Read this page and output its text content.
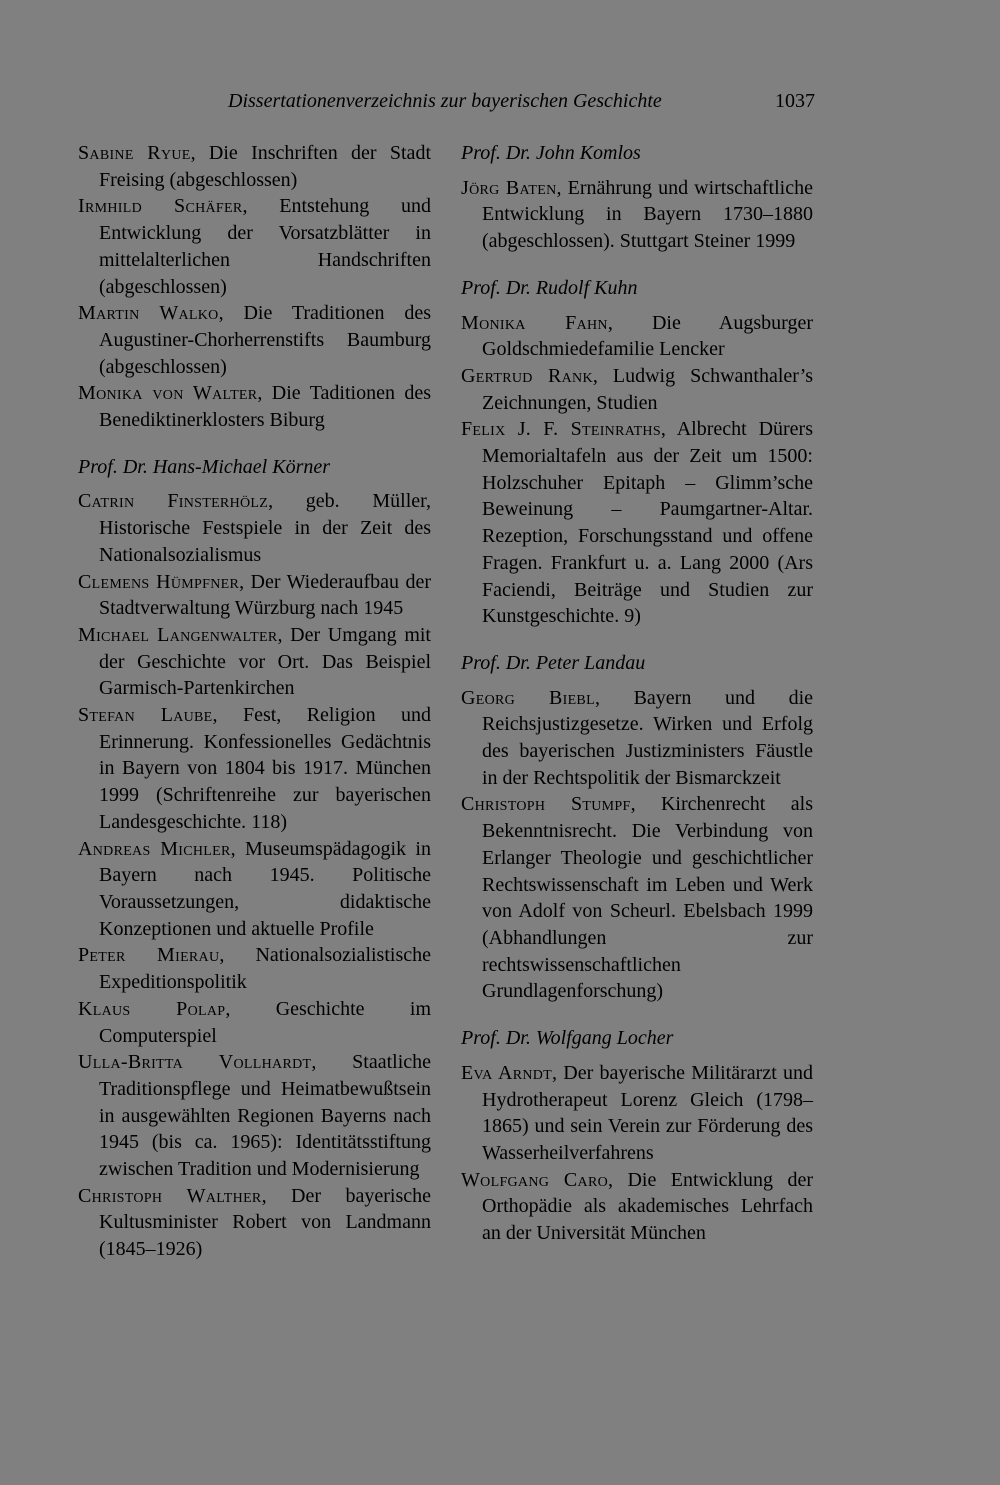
Dissertationenverzeichnis zur bayerischen Geschichte	1037

Sabine Ryue, Die Inschriften der Stadt Freising (abgeschlossen)

Irmhild Schäfer, Entstehung und Entwicklung der Vorsatzblätter in mittelalterlichen Handschriften (abgeschlossen)

Martin Walko, Die Traditionen des Augustiner-Chorherrenstifts Baumburg (abgeschlossen)

Monika von Walter, Die Taditionen des Benediktinerklosters Biburg

Prof. Dr. Hans-Michael Körner

Catrin Finsterhölz, geb. Müller, Historische Festspiele in der Zeit des Nationalsozialismus

Clemens Hümpfner, Der Wiederaufbau der Stadtverwaltung Würzburg nach 1945

Michael Langenwalter, Der Umgang mit der Geschichte vor Ort. Das Beispiel Garmisch-Partenkirchen

Stefan Laube, Fest, Religion und Erinnerung. Konfessionelles Gedächtnis in Bayern von 1804 bis 1917. München 1999 (Schriftenreihe zur bayerischen Landesgeschichte. 118)

Andreas Michler, Museumspädagogik in Bayern nach 1945. Politische Voraussetzungen, didaktische Konzeptionen und aktuelle Profile

Peter Mierau, Nationalsozialistische Expeditionspolitik

Klaus Polap, Geschichte im Computerspiel

Ulla-Britta Vollhardt, Staatliche Traditionspflege und Heimatbewußtsein in ausgewählten Regionen Bayerns nach 1945 (bis ca. 1965): Identitätsstiftung zwischen Tradition und Modernisierung

Christoph Walther, Der bayerische Kultusminister Robert von Landmann (1845–1926)

Prof. Dr. John Komlos

Jörg Baten, Ernährung und wirtschaftliche Entwicklung in Bayern 1730–1880 (abgeschlossen). Stuttgart Steiner 1999

Prof. Dr. Rudolf Kuhn

Monika Fahn, Die Augsburger Goldschmiedefamilie Lencker

Gertrud Rank, Ludwig Schwanthaler’s Zeichnungen, Studien

Felix J. F. Steinraths, Albrecht Dürers Memorialtafeln aus der Zeit um 1500: Holzschuher Epitaph – Glimm’sche Beweinung – Paumgartner-Altar. Rezeption, Forschungsstand und offene Fragen. Frankfurt u. a. Lang 2000 (Ars Faciendi, Beiträge und Studien zur Kunstgeschichte. 9)

Prof. Dr. Peter Landau

Georg Biebl, Bayern und die Reichsjustizgesetze. Wirken und Erfolg des bayerischen Justizministers Fäustle in der Rechtspolitik der Bismarckzeit

Christoph Stumpf, Kirchenrecht als Bekenntnisrecht. Die Verbindung von Erlanger Theologie und geschichtlicher Rechtswissenschaft im Leben und Werk von Adolf von Scheurl. Ebelsbach 1999 (Abhandlungen zur rechtswissenschaftlichen Grundlagenforschung)

Prof. Dr. Wolfgang Locher

Eva Arndt, Der bayerische Militärarzt und Hydrotherapeut Lorenz Gleich (1798–1865) und sein Verein zur Förderung des Wasserheilverfahrens

Wolfgang Caro, Die Entwicklung der Orthopädie als akademisches Lehrfach an der Universität München
